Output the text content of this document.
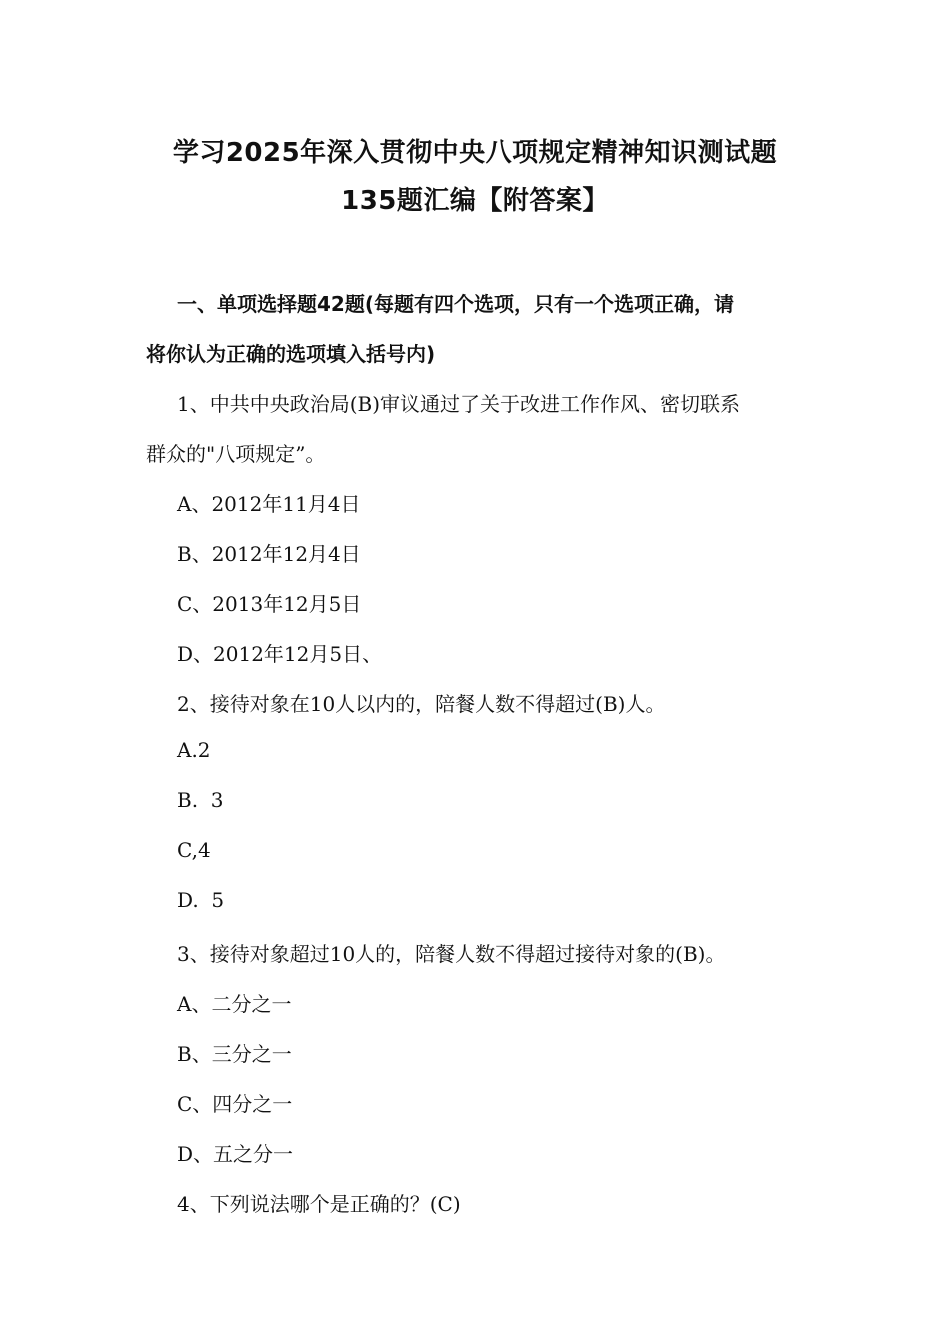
学习2025年深入贯彻中央八项规定精神知识测试题
135题汇编【附答案】
一、单项选择题42题(每题有四个选项，只有一个选项正确，请
将你认为正确的选项填入括号内)
1、中共中央政治局(B)审议通过了关于改进工作作风、密切联系
群众的"八项规定”。
A、2012年11月4日
B、2012年12月4日
C、2013年12月5日
D、2012年12月5日、
2、接待对象在10人以内的，陪餐人数不得超过(B)人。
A.2
B.  3
C,4
D.  5
3、接待对象超过10人的，陪餐人数不得超过接待对象的(B)。
A、二分之一
B、三分之一
C、四分之一
D、五之分一
4、下列说法哪个是正确的？(C)
